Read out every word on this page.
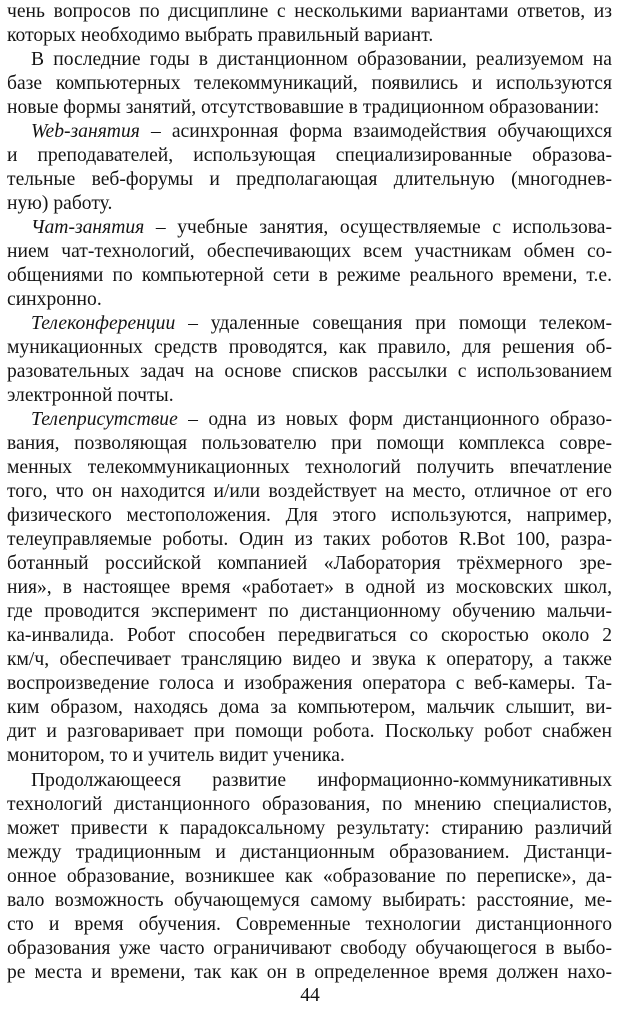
чень вопросов по дисциплине с несколькими вариантами ответов, из
которых необходимо выбрать правильный вариант.
В последние годы в дистанционном образовании, реализуемом на
базе компьютерных телекоммуникаций, появились и используются
новые формы занятий, отсутствовавшие в традиционном образовании:
Web-занятия – асинхронная форма взаимодействия обучающихся
и преподавателей, использующая специализированные образова-
тельные веб-форумы и предполагающая длительную (многоднев-
ную) работу.
Чат-занятия – учебные занятия, осуществляемые с использова-
нием чат-технологий, обеспечивающих всем участникам обмен со-
общениями по компьютерной сети в режиме реального времени, т.е.
синхронно.
Телеконференции – удаленные совещания при помощи телеком-
муникационных средств проводятся, как правило, для решения об-
разовательных задач на основе списков рассылки с использованием
электронной почты.
Телеприсутствие – одна из новых форм дистанционного образо-
вания, позволяющая пользователю при помощи комплекса совре-
менных телекоммуникационных технологий получить впечатление
того, что он находится и/или воздействует на место, отличное от его
физического местоположения. Для этого используются, например,
телеуправляемые роботы. Один из таких роботов R.Bot 100, разра-
ботанный российской компанией «Лаборатория трёхмерного зре-
ния», в настоящее время «работает» в одной из московских школ,
где проводится эксперимент по дистанционному обучению мальчи-
ка-инвалида. Робот способен передвигаться со скоростью около 2
км/ч, обеспечивает трансляцию видео и звука к оператору, а также
воспроизведение голоса и изображения оператора с веб-камеры. Та-
ким образом, находясь дома за компьютером, мальчик слышит, ви-
дит и разговаривает при помощи робота. Поскольку робот снабжен
монитором, то и учитель видит ученика.
Продолжающееся развитие информационно-коммуникативных
технологий дистанционного образования, по мнению специалистов,
может привести к парадоксальному результату: стиранию различий
между традиционным и дистанционным образованием. Дистанци-
онное образование, возникшее как «образование по переписке», да-
вало возможность обучающемуся самому выбирать: расстояние, ме-
сто и время обучения. Современные технологии дистанционного
образования уже часто ограничивают свободу обучающегося в выбо-
ре места и времени, так как он в определенное время должен нахо-
44
